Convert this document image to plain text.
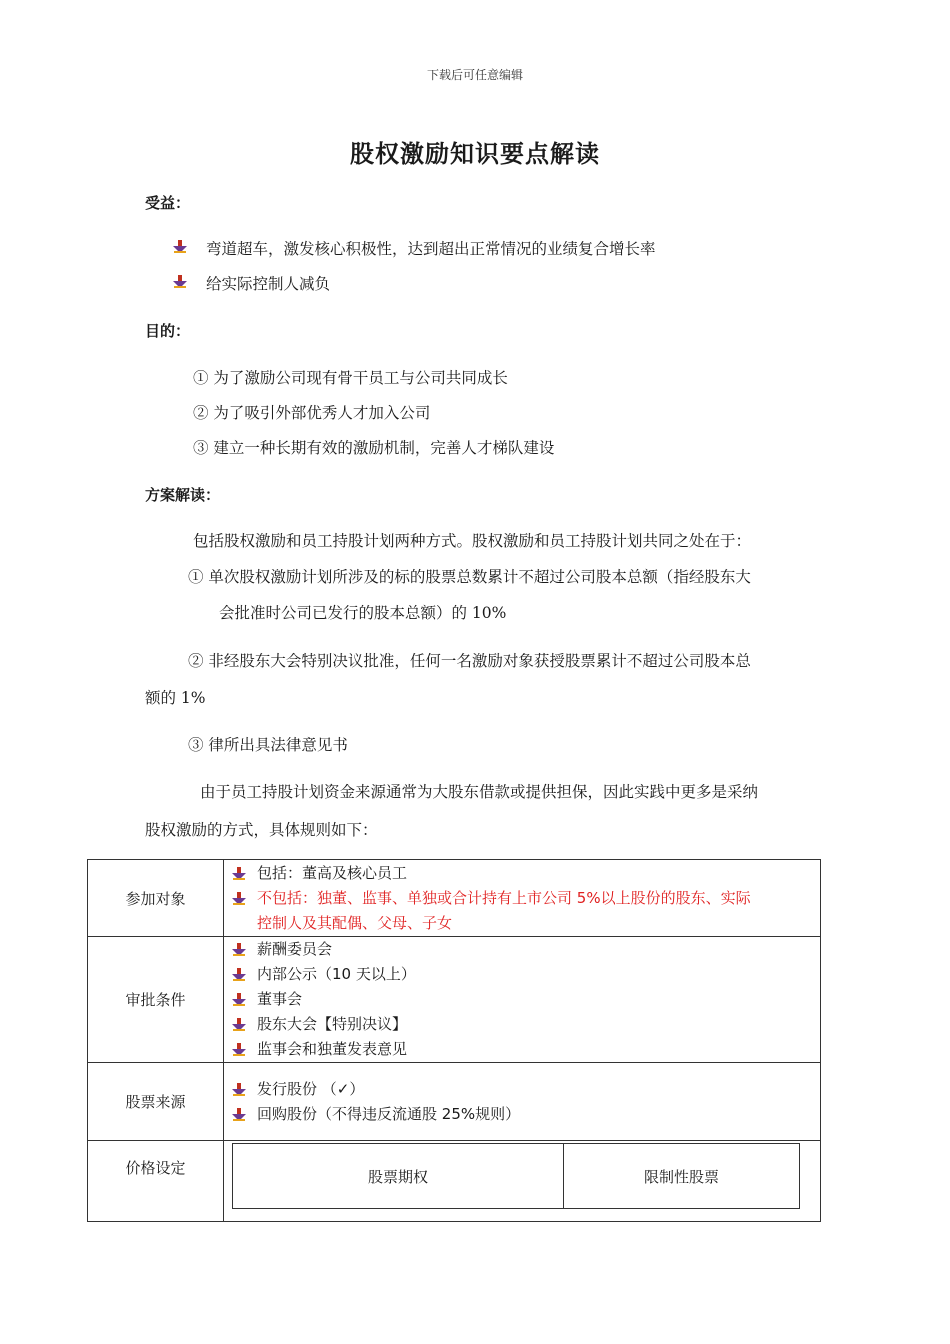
下载后可任意编辑
股权激励知识要点解读
受益：
弯道超车，激发核心积极性，达到超出正常情况的业绩复合增长率
给实际控制人减负
目的：
① 为了激励公司现有骨干员工与公司共同成长
② 为了吸引外部优秀人才加入公司
③ 建立一种长期有效的激励机制，完善人才梯队建设
方案解读：
包括股权激励和员工持股计划两种方式。股权激励和员工持股计划共同之处在于：
① 单次股权激励计划所涉及的标的股票总数累计不超过公司股本总额（指经股东大
会批准时公司已发行的股本总额）的 10%
② 非经股东大会特别决议批准，任何一名激励对象获授股票累计不超过公司股本总
额的 1%
③ 律所出具法律意见书
由于员工持股计划资金来源通常为大股东借款或提供担保，因此实践中更多是采纳
股权激励的方式，具体规则如下：
参加对象	
包括：董高及核心员工
不包括：独董、监事、单独或合计持有上市公司 5%以上股份的股东、实际
控制人及其配偶、父母、子女

审批条件	
薪酬委员会
内部公示（10 天以上）
董事会
股东大会【特别决议】
监事会和独董发表意见

股票来源	
发行股份 （✓）
回购股份（不得违反流通股 25%规则）

价格设定		股票期权	限制性股票
